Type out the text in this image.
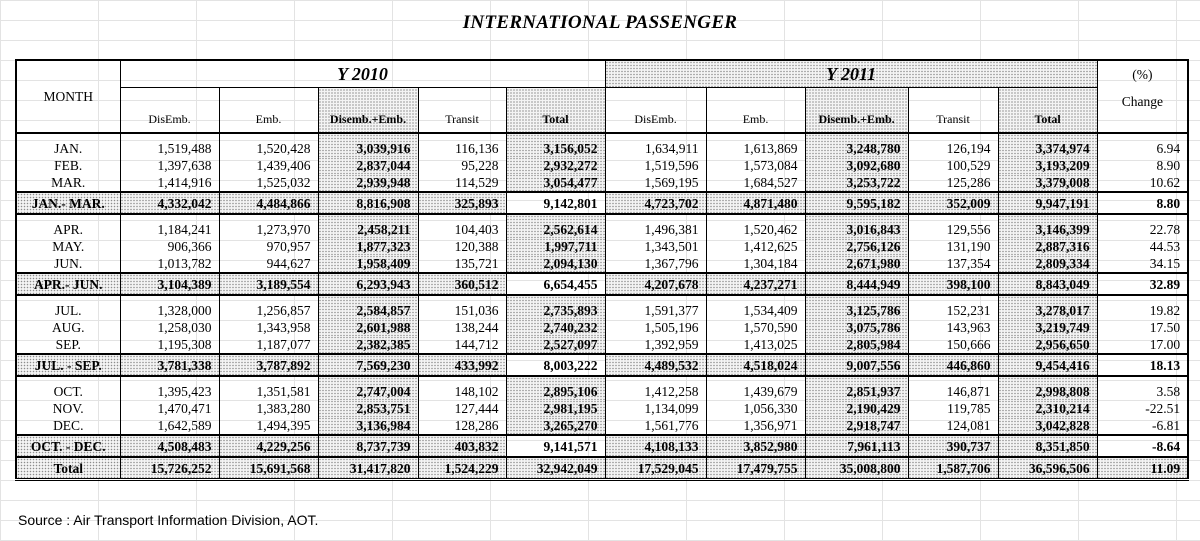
INTERNATIONAL PASSENGER
MONTH	Y 2010					Y 2011					(%)
	DisEmb.	Emb.	Disemb.+Emb.	Transit	Total	DisEmb.	Emb.	Disemb.+Emb.	Transit	Total	Change

JAN.	1,519,488	1,520,428	3,039,916	116,136	3,156,052	1,634,911	1,613,869	3,248,780	126,194	3,374,974	6.94
FEB.	1,397,638	1,439,406	2,837,044	95,228	2,932,272	1,519,596	1,573,084	3,092,680	100,529	3,193,209	8.90
MAR.	1,414,916	1,525,032	2,939,948	114,529	3,054,477	1,569,195	1,684,527	3,253,722	125,286	3,379,008	10.62
JAN.- MAR.	4,332,042	4,484,866	8,816,908	325,893	9,142,801	4,723,702	4,871,480	9,595,182	352,009	9,947,191	8.80

APR.	1,184,241	1,273,970	2,458,211	104,403	2,562,614	1,496,381	1,520,462	3,016,843	129,556	3,146,399	22.78
MAY.	906,366	970,957	1,877,323	120,388	1,997,711	1,343,501	1,412,625	2,756,126	131,190	2,887,316	44.53
JUN.	1,013,782	944,627	1,958,409	135,721	2,094,130	1,367,796	1,304,184	2,671,980	137,354	2,809,334	34.15
APR.- JUN.	3,104,389	3,189,554	6,293,943	360,512	6,654,455	4,207,678	4,237,271	8,444,949	398,100	8,843,049	32.89

JUL.	1,328,000	1,256,857	2,584,857	151,036	2,735,893	1,591,377	1,534,409	3,125,786	152,231	3,278,017	19.82
AUG.	1,258,030	1,343,958	2,601,988	138,244	2,740,232	1,505,196	1,570,590	3,075,786	143,963	3,219,749	17.50
SEP.	1,195,308	1,187,077	2,382,385	144,712	2,527,097	1,392,959	1,413,025	2,805,984	150,666	2,956,650	17.00
JUL. - SEP.	3,781,338	3,787,892	7,569,230	433,992	8,003,222	4,489,532	4,518,024	9,007,556	446,860	9,454,416	18.13

OCT.	1,395,423	1,351,581	2,747,004	148,102	2,895,106	1,412,258	1,439,679	2,851,937	146,871	2,998,808	3.58
NOV.	1,470,471	1,383,280	2,853,751	127,444	2,981,195	1,134,099	1,056,330	2,190,429	119,785	2,310,214	-22.51
DEC.	1,642,589	1,494,395	3,136,984	128,286	3,265,270	1,561,776	1,356,971	2,918,747	124,081	3,042,828	-6.81
OCT. - DEC.	4,508,483	4,229,256	8,737,739	403,832	9,141,571	4,108,133	3,852,980	7,961,113	390,737	8,351,850	-8.64
Total	15,726,252	15,691,568	31,417,820	1,524,229	32,942,049	17,529,045	17,479,755	35,008,800	1,587,706	36,596,506	11.09
Source : Air Transport Information Division, AOT.
